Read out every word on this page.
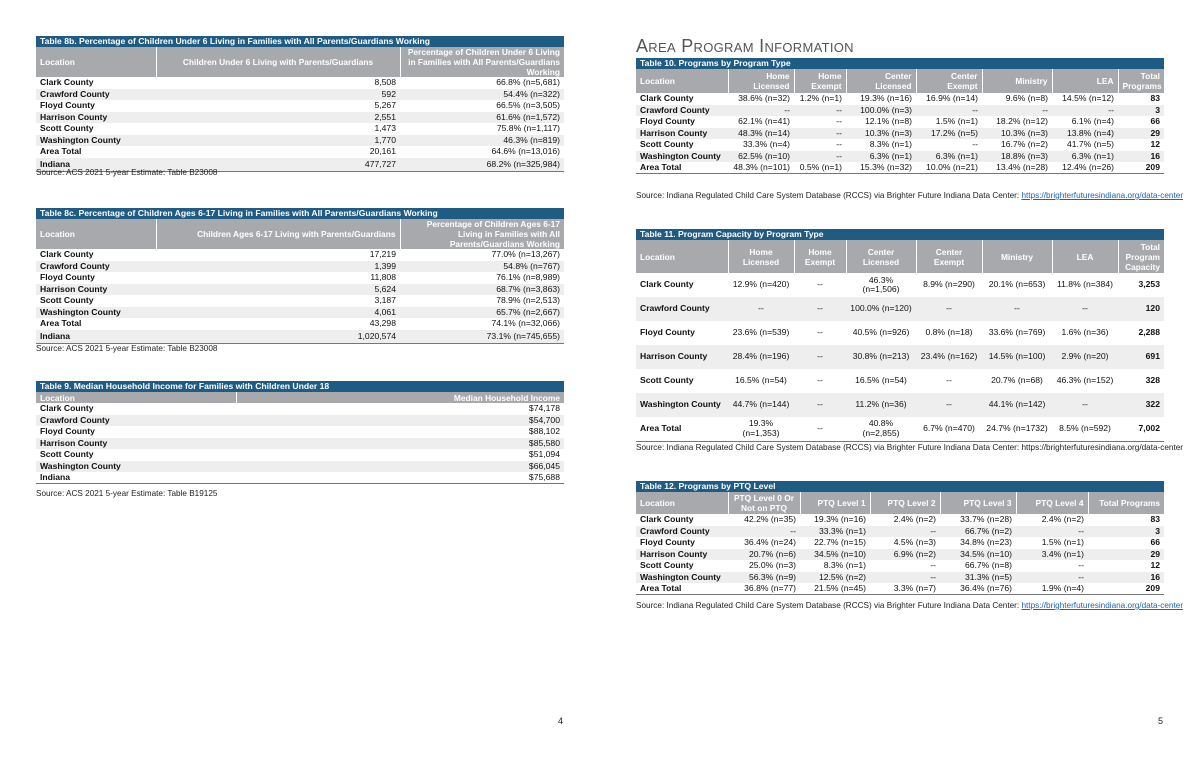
Table 8b. Percentage of Children Under 6 Living in Families with All Parents/Guardians Working
Location	Children Under 6 Living with Parents/Guardians	Percentage of Children Under 6 Living in Families with All Parents/Guardians Working
Clark County	8,508	66.8% (n=5,681)
Crawford County	592	54.4% (n=322)
Floyd County	5,267	66.5% (n=3,505)
Harrison County	2,551	61.6% (n=1,572)
Scott County	1,473	75.8% (n=1,117)
Washington County	1,770	46.3% (n=819)
Area Total	20,161	64.6% (n=13,016)
Indiana	477,727	68.2% (n=325,984)
Source: ACS 2021 5-year Estimate: Table B23008
Table 8c. Percentage of Children Ages 6-17 Living in Families with All Parents/Guardians Working
Location	Children Ages 6-17 Living with Parents/Guardians	Percentage of Children Ages 6-17 Living in Families with All Parents/Guardians Working
Clark County	17,219	77.0% (n=13,267)
Crawford County	1,399	54.8% (n=767)
Floyd County	11,808	76.1% (n=8,989)
Harrison County	5,624	68.7% (n=3,863)
Scott County	3,187	78.9% (n=2,513)
Washington County	4,061	65.7% (n=2,667)
Area Total	43,298	74.1% (n=32,066)
Indiana	1,020,574	73.1% (n=745,655)
Source: ACS 2021 5-year Estimate: Table B23008
Table 9. Median Household Income for Families with Children Under 18
Location	Median Household Income
Clark County	$74,178
Crawford County	$54,700
Floyd County	$88,102
Harrison County	$85,580
Scott County	$51,094
Washington County	$66,045
Indiana	$75,688
Source: ACS 2021 5-year Estimate: Table B19125
4
Area Program Information
Table 10. Programs by Program Type
Location	Home Licensed	Home Exempt	Center Licensed	Center Exempt	Ministry	LEA	Total Programs
Clark County	38.6% (n=32)	1.2% (n=1)	19.3% (n=16)	16.9% (n=14)	9.6% (n=8)	14.5% (n=12)	83
Crawford County	--	--	100.0% (n=3)	--	--	--	3
Floyd County	62.1% (n=41)	--	12.1% (n=8)	1.5% (n=1)	18.2% (n=12)	6.1% (n=4)	66
Harrison County	48.3% (n=14)	--	10.3% (n=3)	17.2% (n=5)	10.3% (n=3)	13.8% (n=4)	29
Scott County	33.3% (n=4)	--	8.3% (n=1)	--	16.7% (n=2)	41.7% (n=5)	12
Washington County	62.5% (n=10)	--	6.3% (n=1)	6.3% (n=1)	18.8% (n=3)	6.3% (n=1)	16
Area Total	48.3% (n=101)	0.5% (n=1)	15.3% (n=32)	10.0% (n=21)	13.4% (n=28)	12.4% (n=26)	209
Source: Indiana Regulated Child Care System Database (RCCS) via Brighter Future Indiana Data Center: https://brighterfuturesindiana.org/data-center
Table 11. Program Capacity by Program Type
Location	Home Licensed	Home Exempt	Center Licensed	Center Exempt	Ministry	LEA	Total Program Capacity
Clark County	12.9% (n=420)	--	46.3% (n=1,506)	8.9% (n=290)	20.1% (n=653)	11.8% (n=384)	3,253
Crawford County	--	--	100.0% (n=120)	--	--	--	120
Floyd County	23.6% (n=539)	--	40.5% (n=926)	0.8% (n=18)	33.6% (n=769)	1.6% (n=36)	2,288
Harrison County	28.4% (n=196)	--	30.8% (n=213)	23.4% (n=162)	14.5% (n=100)	2.9% (n=20)	691
Scott County	16.5% (n=54)	--	16.5% (n=54)	--	20.7% (n=68)	46.3% (n=152)	328
Washington County	44.7% (n=144)	--	11.2% (n=36)	--	44.1% (n=142)	--	322
Area Total	19.3% (n=1,353)	--	40.8% (n=2,855)	6.7% (n=470)	24.7% (n=1732)	8.5% (n=592)	7,002
Source: Indiana Regulated Child Care System Database (RCCS) via Brighter Future Indiana Data Center: https://brighterfuturesindiana.org/data-center
Table 12. Programs by PTQ Level
Location	PTQ Level 0 Or Not on PTQ	PTQ Level 1	PTQ Level 2	PTQ Level 3	PTQ Level 4	Total Programs
Clark County	42.2% (n=35)	19.3% (n=16)	2.4% (n=2)	33.7% (n=28)	2.4% (n=2)	83
Crawford County	--	33.3% (n=1)	--	66.7% (n=2)	--	3
Floyd County	36.4% (n=24)	22.7% (n=15)	4.5% (n=3)	34.8% (n=23)	1.5% (n=1)	66
Harrison County	20.7% (n=6)	34.5% (n=10)	6.9% (n=2)	34.5% (n=10)	3.4% (n=1)	29
Scott County	25.0% (n=3)	8.3% (n=1)	--	66.7% (n=8)	--	12
Washington County	56.3% (n=9)	12.5% (n=2)	--	31.3% (n=5)	--	16
Area Total	36.8% (n=77)	21.5% (n=45)	3.3% (n=7)	36.4% (n=76)	1.9% (n=4)	209
Source: Indiana Regulated Child Care System Database (RCCS) via Brighter Future Indiana Data Center: https://brighterfuturesindiana.org/data-center
5
